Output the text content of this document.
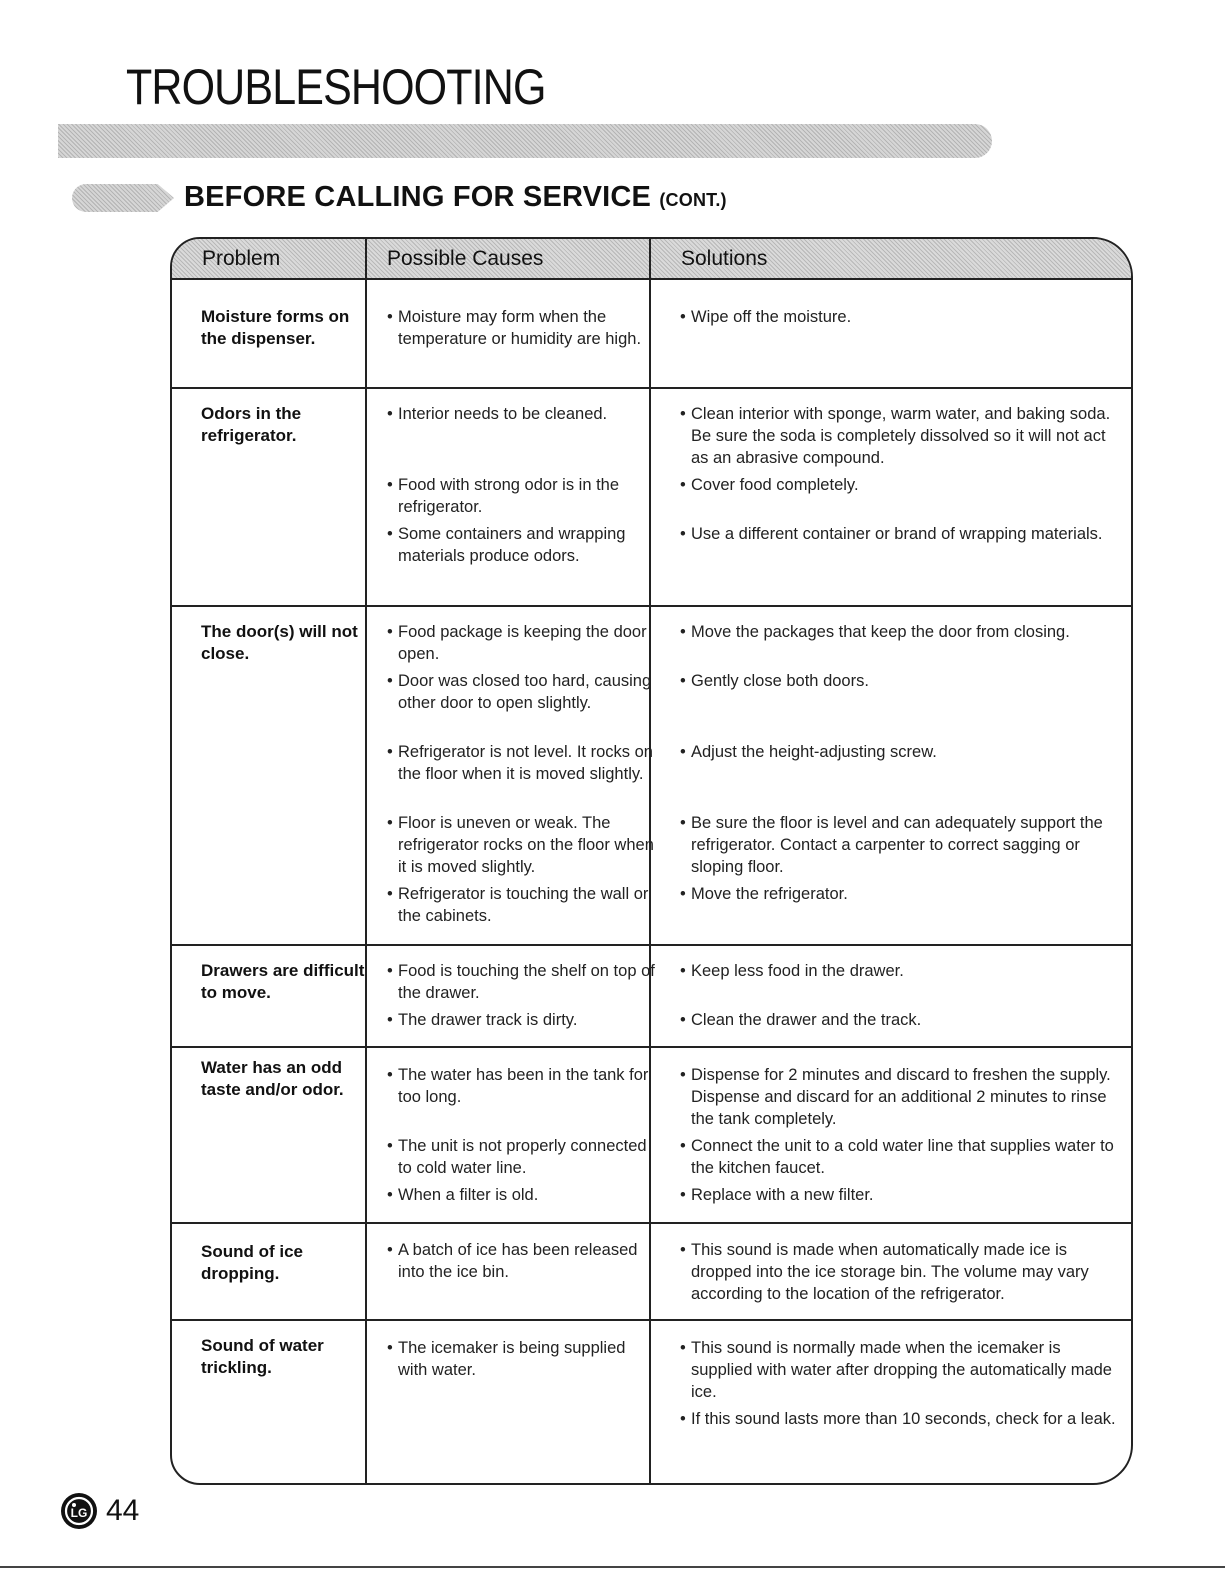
TROUBLESHOOTING
BEFORE CALLING FOR SERVICE (CONT.)
Problem	Possible Causes	Solutions
Moisture forms on the dispenser.
• Moisture may form when the temperature or humidity are high.
• Wipe off the moisture.
Odors in the refrigerator.
• Interior needs to be cleaned.
• Food with strong odor is in the refrigerator.
• Some containers and wrapping materials produce odors.
• Clean interior with sponge, warm water, and baking soda. Be sure the soda is completely dissolved so it will not act as an abrasive compound.
• Cover food completely.
• Use a different container or brand of wrapping materials.
The door(s) will not close.
• Food package is keeping the door open.
• Door was closed too hard, causing other door to open slightly.
• Refrigerator is not level. It rocks on the floor when it is moved slightly.
• Floor is uneven or weak. The refrigerator rocks on the floor when it is moved slightly.
• Refrigerator is touching the wall or the cabinets.
• Move the packages that keep the door from closing.
• Gently close both doors.
• Adjust the height-adjusting screw.
• Be sure the floor is level and can adequately support the refrigerator. Contact a carpenter to correct sagging or sloping floor.
• Move the refrigerator.
Drawers are difficult to move.
• Food is touching the shelf on top of the drawer.
• The drawer track is dirty.
• Keep less food in the drawer.
• Clean the drawer and the track.
Water has an odd taste and/or odor.
• The water has been in the tank for too long.
• The unit is not properly connected to cold water line.
• When a filter is old.
• Dispense for 2 minutes and discard to freshen the supply. Dispense and discard for an additional 2 minutes to rinse the tank completely.
• Connect the unit to a cold water line that supplies water to the kitchen faucet.
• Replace with a new filter.
Sound of ice dropping.
• A batch of ice has been released into the ice bin.
• This sound is made when automatically made ice is dropped into the ice storage bin. The volume may vary according to the location of the refrigerator.
Sound of water trickling.
• The icemaker is being supplied with water.
• This sound is normally made when the icemaker is supplied with water after dropping the automatically made ice.
• If this sound lasts more than 10 seconds, check for a leak.
LG 44
